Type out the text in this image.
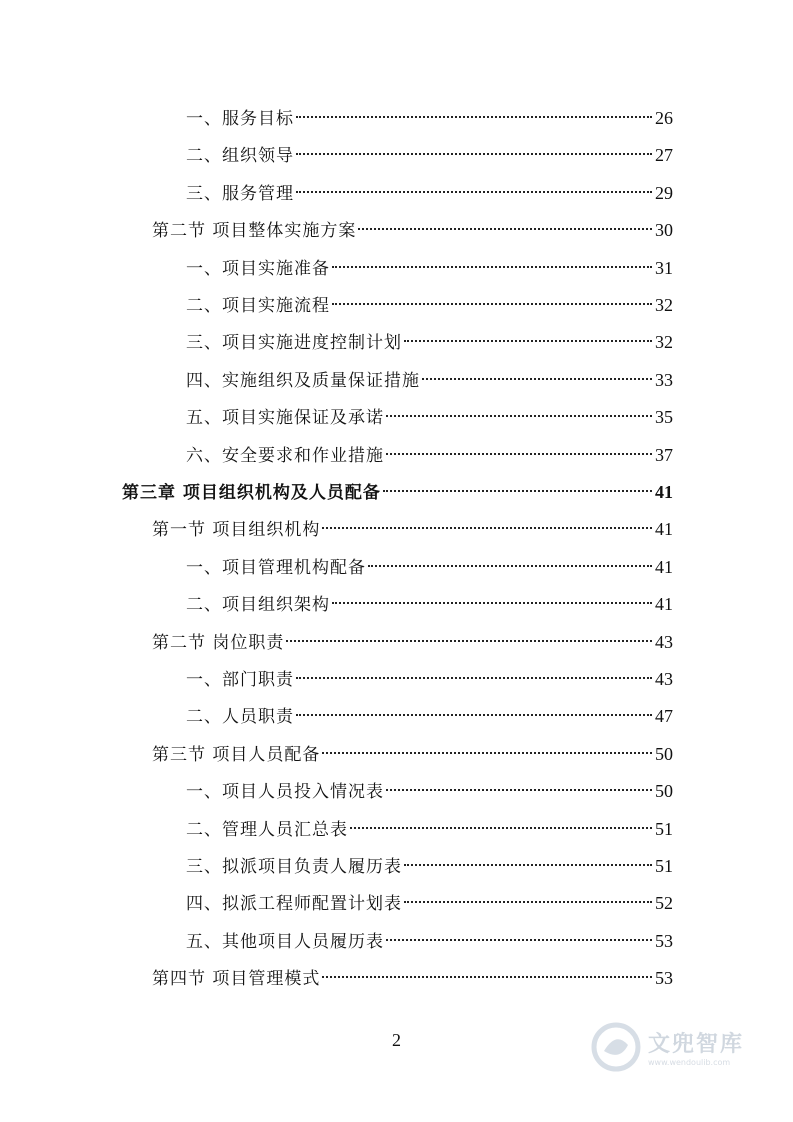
一、服务目标	26
二、组织领导	27
三、服务管理	29
第二节 项目整体实施方案	30
一、项目实施准备	31
二、项目实施流程	32
三、项目实施进度控制计划	32
四、实施组织及质量保证措施	33
五、项目实施保证及承诺	35
六、安全要求和作业措施	37
第三章 项目组织机构及人员配备	41
第一节 项目组织机构	41
一、项目管理机构配备	41
二、项目组织架构	41
第二节 岗位职责	43
一、部门职责	43
二、人员职责	47
第三节 项目人员配备	50
一、项目人员投入情况表	50
二、管理人员汇总表	51
三、拟派项目负责人履历表	51
四、拟派工程师配置计划表	52
五、其他项目人员履历表	53
第四节 项目管理模式	53
2	文兜智库
www.wendoulib.com
